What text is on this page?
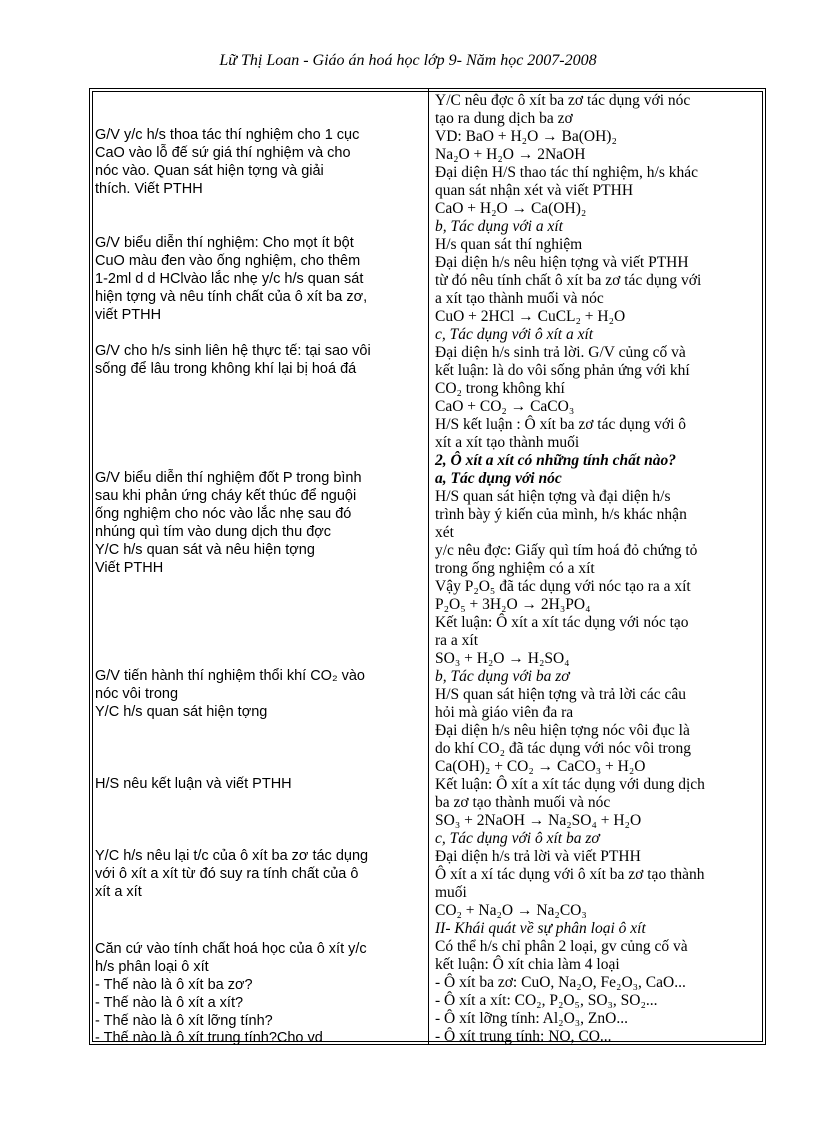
Lữ Thị Loan - Giáo án hoá học lớp 9- Năm học 2007-2008
G/V y/c h/s thoa tác thí nghiệm cho 1 cục
CaO vào lỗ đế sứ giá thí nghiệm và cho
nóc vào. Quan sát hiện tợng và giải
thích. Viết PTHH
G/V biểu diễn thí nghiệm: Cho mọt ít bột
CuO màu đen vào ống nghiệm, cho thêm
1-2ml d d HClvào lắc nhẹ y/c h/s quan sát
hiện tợng và nêu tính chất của ô xít ba zơ,
viết PTHH
G/V cho h/s sinh liên hệ thực tế: tại sao vôi
sống để lâu trong không khí lại bị hoá đá
G/V biểu diễn thí nghiệm đốt P trong bình
sau khi phản ứng cháy kết thúc để nguội
ống nghiệm cho nóc vào lắc nhẹ sau đó
nhúng quì tím vào dung dịch thu đợc
Y/C h/s quan sát và nêu hiện tợng
Viết PTHH
G/V tiến hành thí nghiệm thổi khí CO₂ vào
nóc vôi trong
Y/C h/s quan sát hiện tợng
H/S nêu kết luận và viết PTHH
Y/C h/s nêu lại t/c của ô xít ba zơ tác dụng
với ô xít a xít từ đó suy ra tính chất của ô
xít a xít
Căn cứ vào tính chất hoá học của ô xít y/c
h/s phân loại ô xít
- Thế nào là ô xít ba zơ?
- Thế nào là ô xít a xít?
- Thế nào là ô xít lỡng tính?
- Thế nào là ô xít trung tính?Cho vd
Y/C nêu đợc ô xít ba zơ tác dụng với nóc
tạo ra dung dịch ba zơ
VD: BaO + H₂O → Ba(OH)₂
Na₂O + H₂O → 2NaOH
Đại diện H/S thao tác thí nghiệm, h/s khác
quan sát nhận xét và viết PTHH
CaO + H₂O → Ca(OH)₂
b, Tác dụng với a xít
H/s quan sát thí nghiệm
Đại diện h/s nêu hiện tợng và viết PTHH
từ đó nêu tính chất ô xít ba zơ tác dụng với
a xít tạo thành muối và nóc
CuO + 2HCl → CuCL₂ + H₂O
c, Tác dụng với ô xít a xít
Đại diện h/s sinh trả lời. G/V củng cố và
kết luận: là do vôi sống phản ứng với khí
CO₂ trong không khí
CaO + CO₂ → CaCO₃
H/S kết luận : Ô xít ba zơ tác dụng với ô
xít a xít tạo thành muối
2, Ô xít a xít có những tính chất nào?
a, Tác dụng với nóc
H/S quan sát hiện tợng và đại diện h/s
trình bày ý kiến của mình, h/s khác nhận
xét
y/c nêu đợc: Giấy quì tím hoá đỏ chứng tỏ
trong ống nghiệm có a xít
Vậy P₂O₅ đã tác dụng với nóc tạo ra a xít
P₂O₅ + 3H₂O → 2H₃PO₄
Kết luận: Ô xít a xít tác dụng với nóc tạo
ra a xít
SO₃ + H₂O → H₂SO₄
b, Tác dụng với ba zơ
H/S quan sát hiện tợng và trả lời các câu
hỏi mà giáo viên đa ra
Đại diện h/s nêu hiện tợng nóc vôi đục là
do khí CO₂ đã tác dụng với nóc vôi trong
Ca(OH)₂ + CO₂ → CaCO₃ + H₂O
Kết luận: Ô xít a xít tác dụng với dung dịch
ba zơ tạo thành muối và nóc
SO₃ + 2NaOH → Na₂SO₄ + H₂O
c, Tác dụng với ô xít ba zơ
Đại diện h/s trả lời và viết PTHH
Ô xít a xí tác dụng với ô xít ba zơ tạo thành
muối
CO₂ + Na₂O → Na₂CO₃
II- Khái quát về sự phân loại ô xít
Có thể h/s chỉ phân 2 loại, gv củng cố và
kết luận: Ô xít chia làm 4 loại
- Ô xít ba zơ: CuO, Na₂O, Fe₂O₃, CaO...
- Ô xít a xít: CO₂, P₂O₅, SO₃, SO₂...
- Ô xít lỡng tính: Al₂O₃, ZnO...
- Ô xít trung tính: NO, CO...
